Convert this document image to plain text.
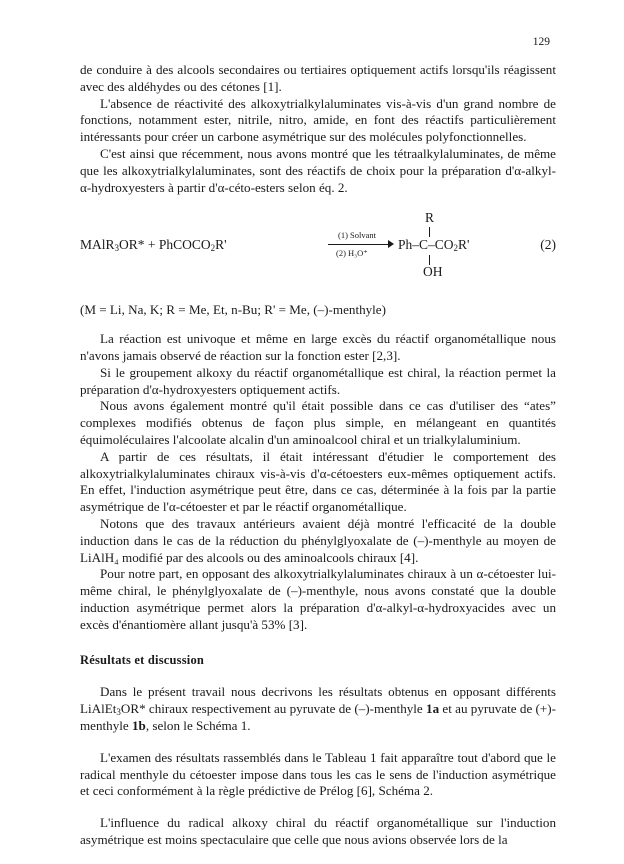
129

de conduire à des alcools secondaires ou tertiaires optiquement actifs lorsqu'ils réagissent avec des aldéhydes ou des cétones [1].

L'absence de réactivité des alkoxytrialkylaluminates vis-à-vis d'un grand nombre de fonctions, notamment ester, nitrile, nitro, amide, en font des réactifs particulièrement intéressants pour créer un carbone asymétrique sur des molécules polyfonctionnelles.

C'est ainsi que récemment, nous avons montré que les tétraalkylaluminates, de même que les alkoxytrialkylaluminates, sont des réactifs de choix pour la préparation d'α-alkyl-α-hydroxyesters à partir d'α-céto-esters selon éq. 2.

MAlR$_3$OR* + PhCOCO$_2$R'
(1) Solvant
(2) H₃O⁺
R
$Ph-C-CO_2R'$
OH
(2)

(M = Li, Na, K; R = Me, Et, n-Bu; R' = Me, (–)-menthyle)

La réaction est univoque et même en large excès du réactif organométallique nous n'avons jamais observé de réaction sur la fonction ester [2,3].

Si le groupement alkoxy du réactif organométallique est chiral, la réaction permet la préparation d'α-hydroxyesters optiquement actifs.

Nous avons également montré qu'il était possible dans ce cas d'utiliser des “ates” complexes modifiés obtenus de façon plus simple, en mélangeant en quantités équimoléculaires l'alcoolate alcalin d'un aminoalcool chiral et un trialkylaluminium.

A partir de ces résultats, il était intéressant d'étudier le comportement des alkoxytrialkylaluminates chiraux vis-à-vis d'α-cétoesters eux-mêmes optiquement actifs. En effet, l'induction asymétrique peut être, dans ce cas, déterminée à la fois par la partie asymétrique de l'α-cétoester et par le réactif organométallique.

Notons que des travaux antérieurs avaient déjà montré l'efficacité de la double induction dans le cas de la réduction du phénylglyoxalate de (–)-menthyle au moyen de LiAlH₄ modifié par des alcools ou des aminoalcools chiraux [4].

Pour notre part, en opposant des alkoxytrialkylaluminates chiraux à un α-cétoester lui-même chiral, le phénylglyoxalate de (–)-menthyle, nous avons constaté que la double induction asymétrique permet alors la préparation d'α-alkyl-α-hydroxyacides avec un excès d'énantiomère allant jusqu'à 53% [3].

Résultats et discussion

Dans le présent travail nous decrivons les résultats obtenus en opposant différents LiAlEt$_3$OR* chiraux respectivement au pyruvate de (–)-menthyle 1a et au pyruvate de (+)-menthyle 1b, selon le Schéma 1.

L'examen des résultats rassemblés dans le Tableau 1 fait apparaître tout d'abord que le radical menthyle du cétoester impose dans tous les cas le sens de l'induction asymétrique et ceci conformément à la règle prédictive de Prélog [6], Schéma 2.

L'influence du radical alkoxy chiral du réactif organométallique sur l'induction asymétrique est moins spectaculaire que celle que nous avions observée lors de la
